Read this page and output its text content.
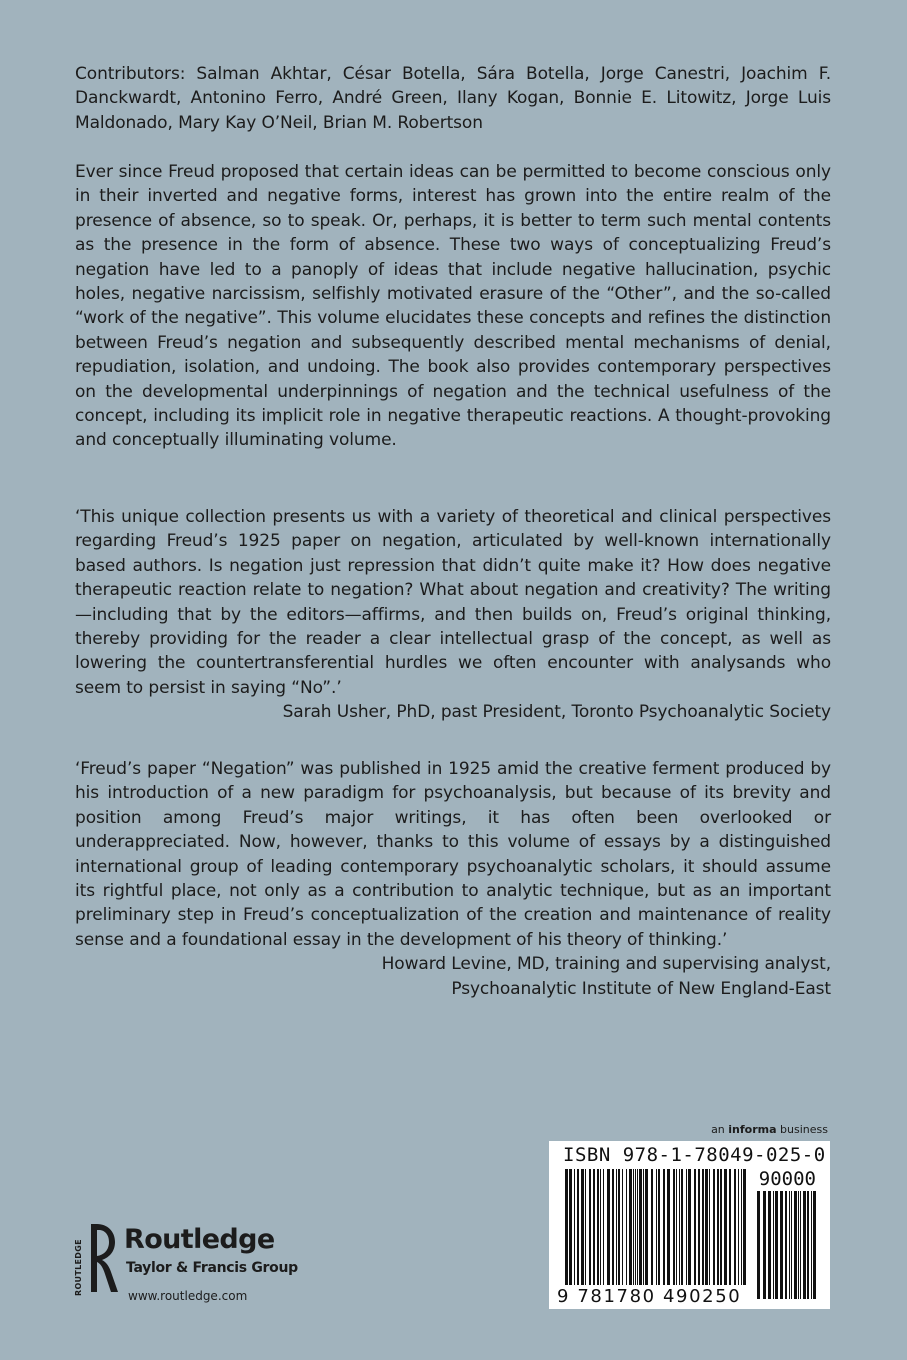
Contributors: Salman Akhtar, César Botella, Sára Botella, Jorge Canestri, Joachim F. Danckwardt, Antonino Ferro, André Green, Ilany Kogan, Bonnie E. Litowitz, Jorge Luis Maldonado, Mary Kay O’Neil, Brian M. Robertson
Ever since Freud proposed that certain ideas can be permitted to become conscious only in their inverted and negative forms, interest has grown into the entire realm of the presence of absence, so to speak. Or, perhaps, it is better to term such mental contents as the presence in the form of absence. These two ways of conceptualizing Freud’s negation have led to a panoply of ideas that include negative hallucination, psychic holes, negative narcissism, selfishly motivated erasure of the “Other”, and the so-called “work of the negative”. This volume elucidates these concepts and refines the distinction between Freud’s negation and subsequently described mental mechanisms of denial, repudiation, isolation, and undoing. The book also provides contemporary perspectives on the developmental underpinnings of negation and the technical usefulness of the concept, including its implicit role in negative therapeutic reactions. A thought-provoking and conceptually illuminating volume.

‘This unique collection presents us with a variety of theoretical and clinical perspectives regarding Freud’s 1925 paper on negation, articulated by well-known internationally based authors. Is negation just repression that didn’t quite make it? How does negative therapeutic reaction relate to negation? What about negation and creativity? The writing—including that by the editors—affirms, and then builds on, Freud’s original thinking, thereby providing for the reader a clear intellectual grasp of the concept, as well as lowering the countertransferential hurdles we often encounter with analysands who seem to persist in saying “No”.’

Sarah Usher, PhD, past President, Toronto Psychoanalytic Society

‘Freud’s paper “Negation” was published in 1925 amid the creative ferment produced by his introduction of a new paradigm for psychoanalysis, but because of its brevity and position among Freud’s major writings, it has often been overlooked or underappreciated. Now, however, thanks to this volume of essays by a distinguished international group of leading contemporary psychoanalytic scholars, it should assume its rightful place, not only as a contribution to analytic technique, but as an important preliminary step in Freud’s conceptualization of the creation and maintenance of reality sense and a foundational essay in the development of his theory of thinking.’

Howard Levine, MD, training and supervising analyst,
Psychoanalytic Institute of New England-East
an informa business
ISBN 978-1-78049-025-0
90000
9 781780 490250
ROUTLEDGE Routledge
Taylor & Francis Group
www.routledge.com
